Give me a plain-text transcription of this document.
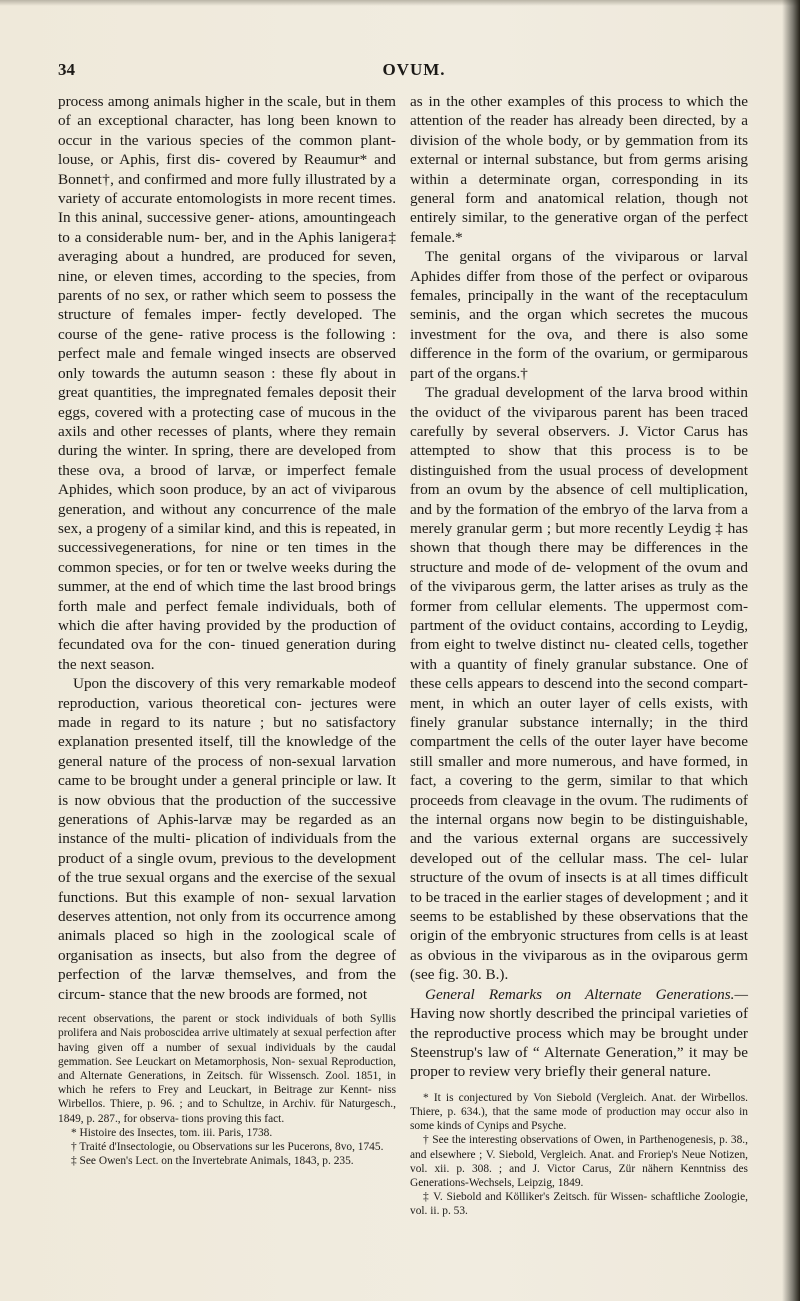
34	OVUM.

process among animals higher in the scale, but in them of an exceptional character, has long been known to occur in the various species of the common plant-louse, or Aphis, first dis- covered by Reaumur* and Bonnet†, and confirmed and more fully illustrated by a variety of accurate entomologists in more recent times. In this aninal, successive gener- ations, amountingeach to a considerable num- ber, and in the Aphis lanigera‡ averaging about a hundred, are produced for seven, nine, or eleven times, according to the species, from parents of no sex, or rather which seem to possess the structure of females imper- fectly developed. The course of the gene- rative process is the following : perfect male and female winged insects are observed only towards the autumn season : these fly about in great quantities, the impregnated females deposit their eggs, covered with a protecting case of mucous in the axils and other recesses of plants, where they remain during the winter. In spring, there are developed from these ova, a brood of larvæ, or imperfect female Aphides, which soon produce, by an act of viviparous generation, and without any concurrence of the male sex, a progeny of a similar kind, and this is repeated, in successivegenerations, for nine or ten times in the common species, or for ten or twelve weeks during the summer, at the end of which time the last brood brings forth male and perfect female individuals, both of which die after having provided by the production of fecundated ova for the con- tinued generation during the next season.

Upon the discovery of this very remarkable modeof reproduction, various theoretical con- jectures were made in regard to its nature ; but no satisfactory explanation presented itself, till the knowledge of the general nature of the process of non-sexual larvation came to be brought under a general principle or law. It is now obvious that the production of the successive generations of Aphis-larvæ may be regarded as an instance of the multi- plication of individuals from the product of a single ovum, previous to the development of the true sexual organs and the exercise of the sexual functions. But this example of non- sexual larvation deserves attention, not only from its occurrence among animals placed so high in the zoological scale of organisation as insects, but also from the degree of perfection of the larvæ themselves, and from the circum- stance that the new broods are formed, not

recent observations, the parent or stock individuals of both Syllis prolifera and Nais proboscidea arrive ultimately at sexual perfection after having given off a number of sexual individuals by the caudal gemmation. See Leuckart on Metamorphosis, Non- sexual Reproduction, and Alternate Generations, in Zeitsch. für Wissensch. Zool. 1851, in which he refers to Frey and Leuckart, in Beitrage zur Kennt- niss Wirbellos. Thiere, p. 96. ; and to Schultze, in Archiv. für Naturgesch., 1849, p. 287., for observa- tions proving this fact.

* Histoire des Insectes, tom. iii. Paris, 1738.

† Traité d'Insectologie, ou Observations sur les Pucerons, 8vo, 1745.

‡ See Owen's Lect. on the Invertebrate Animals, 1843, p. 235.

as in the other examples of this process to which the attention of the reader has already been directed, by a division of the whole body, or by gemmation from its external or internal substance, but from germs arising within a determinate organ, corresponding in its general form and anatomical relation, though not entirely similar, to the generative organ of the perfect female.*

The genital organs of the viviparous or larval Aphides differ from those of the perfect or oviparous females, principally in the want of the receptaculum seminis, and the organ which secretes the mucous investment for the ova, and there is also some difference in the form of the ovarium, or germiparous part of the organs.†

The gradual development of the larva brood within the oviduct of the viviparous parent has been traced carefully by several observers. J. Victor Carus has attempted to show that this process is to be distinguished from the usual process of development from an ovum by the absence of cell multiplication, and by the formation of the embryo of the larva from a merely granular germ ; but more recently Leydig ‡ has shown that though there may be differences in the structure and mode of de- velopment of the ovum and of the viviparous germ, the latter arises as truly as the former from cellular elements. The uppermost com- partment of the oviduct contains, according to Leydig, from eight to twelve distinct nu- cleated cells, together with a quantity of finely granular substance. One of these cells appears to descend into the second compart- ment, in which an outer layer of cells exists, with finely granular substance internally; in the third compartment the cells of the outer layer have become still smaller and more numerous, and have formed, in fact, a covering to the germ, similar to that which proceeds from cleavage in the ovum. The rudiments of the internal organs now begin to be distinguishable, and the various external organs are successively developed out of the cellular mass. The cel- lular structure of the ovum of insects is at all times difficult to be traced in the earlier stages of development ; and it seems to be established by these observations that the origin of the embryonic structures from cells is at least as obvious in the viviparous as in the oviparous germ (see fig. 30. B.).

General Remarks on Alternate Generations.— Having now shortly described the principal varieties of the reproductive process which may be brought under Steenstrup's law of “ Alternate Generation,” it may be proper to review very briefly their general nature.

* It is conjectured by Von Siebold (Vergleich. Anat. der Wirbellos. Thiere, p. 634.), that the same mode of production may occur also in some kinds of Cynips and Psyche.

† See the interesting observations of Owen, in Parthenogenesis, p. 38., and elsewhere ; V. Siebold, Vergleich. Anat. and Froriep's Neue Notizen, vol. xii. p. 308. ; and J. Victor Carus, Zür nähern Kenntniss des Generations-Wechsels, Leipzig, 1849.

‡ V. Siebold and Kölliker's Zeitsch. für Wissen- schaftliche Zoologie, vol. ii. p. 53.
